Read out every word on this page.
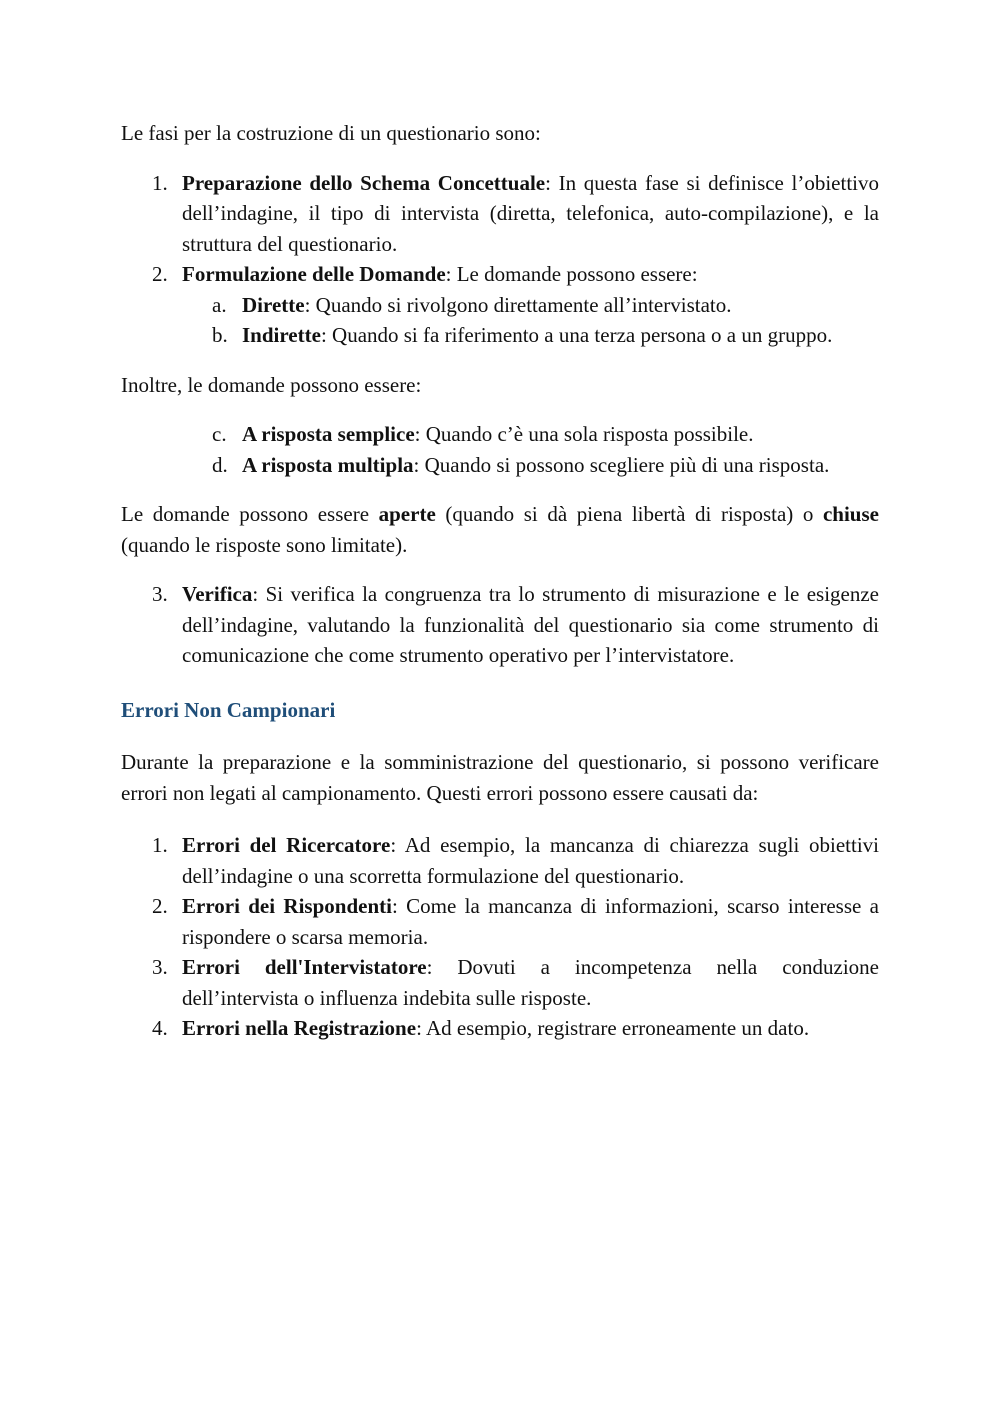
Le fasi per la costruzione di un questionario sono:

1. Preparazione dello Schema Concettuale: In questa fase si definisce l’obiettivo dell’indagine, il tipo di intervista (diretta, telefonica, auto-compilazione), e la struttura del questionario.
2. Formulazione delle Domande: Le domande possono essere:
a. Dirette: Quando si rivolgono direttamente all’intervistato.
b. Indirette: Quando si fa riferimento a una terza persona o a un gruppo.

Inoltre, le domande possono essere:

c. A risposta semplice: Quando c’è una sola risposta possibile.
d. A risposta multipla: Quando si possono scegliere più di una risposta.

Le domande possono essere aperte (quando si dà piena libertà di risposta) o chiuse (quando le risposte sono limitate).

3. Verifica: Si verifica la congruenza tra lo strumento di misurazione e le esigenze dell’indagine, valutando la funzionalità del questionario sia come strumento di comunicazione che come strumento operativo per l’intervistatore.
Errori Non Campionari

Durante la preparazione e la somministrazione del questionario, si possono verificare errori non legati al campionamento. Questi errori possono essere causati da:

1. Errori del Ricercatore: Ad esempio, la mancanza di chiarezza sugli obiettivi dell’indagine o una scorretta formulazione del questionario.
2. Errori dei Rispondenti: Come la mancanza di informazioni, scarso interesse a rispondere o scarsa memoria.
3. Errori dell'Intervistatore: Dovuti a incompetenza nella conduzione dell’intervista o influenza indebita sulle risposte.
4. Errori nella Registrazione: Ad esempio, registrare erroneamente un dato.
